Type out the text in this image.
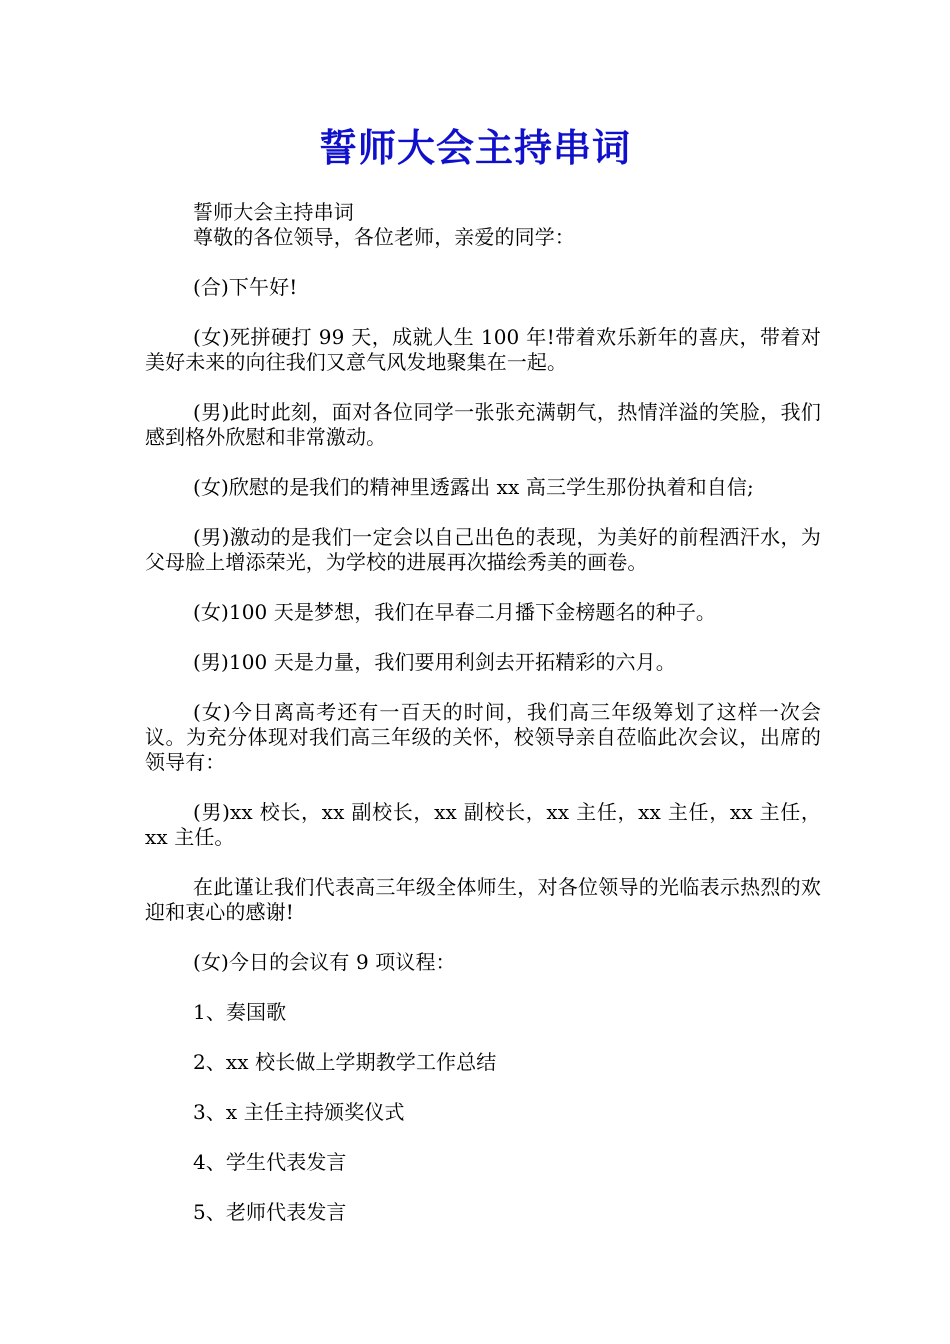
誓师大会主持串词

誓师大会主持串词

尊敬的各位领导，各位老师，亲爱的同学：

(合)下午好!

(女)死拼硬打 99 天，成就人生 100 年!带着欢乐新年的喜庆，带着对美好未来的向往我们又意气风发地聚集在一起。

(男)此时此刻，面对各位同学一张张充满朝气，热情洋溢的笑脸，我们感到格外欣慰和非常激动。

(女)欣慰的是我们的精神里透露出 xx 高三学生那份执着和自信;

(男)激动的是我们一定会以自己出色的表现，为美好的前程洒汗水，为父母脸上增添荣光，为学校的进展再次描绘秀美的画卷。

(女)100 天是梦想，我们在早春二月播下金榜题名的种子。

(男)100 天是力量，我们要用利剑去开拓精彩的六月。

(女)今日离高考还有一百天的时间，我们高三年级筹划了这样一次会议。为充分体现对我们高三年级的关怀，校领导亲自莅临此次会议，出席的领导有：

(男)xx 校长，xx 副校长，xx 副校长，xx 主任，xx 主任，xx 主任，xx 主任。

在此谨让我们代表高三年级全体师生，对各位领导的光临表示热烈的欢迎和衷心的感谢!

(女)今日的会议有 9 项议程：

1、奏国歌

2、xx 校长做上学期教学工作总结

3、x 主任主持颁奖仪式

4、学生代表发言

5、老师代表发言
